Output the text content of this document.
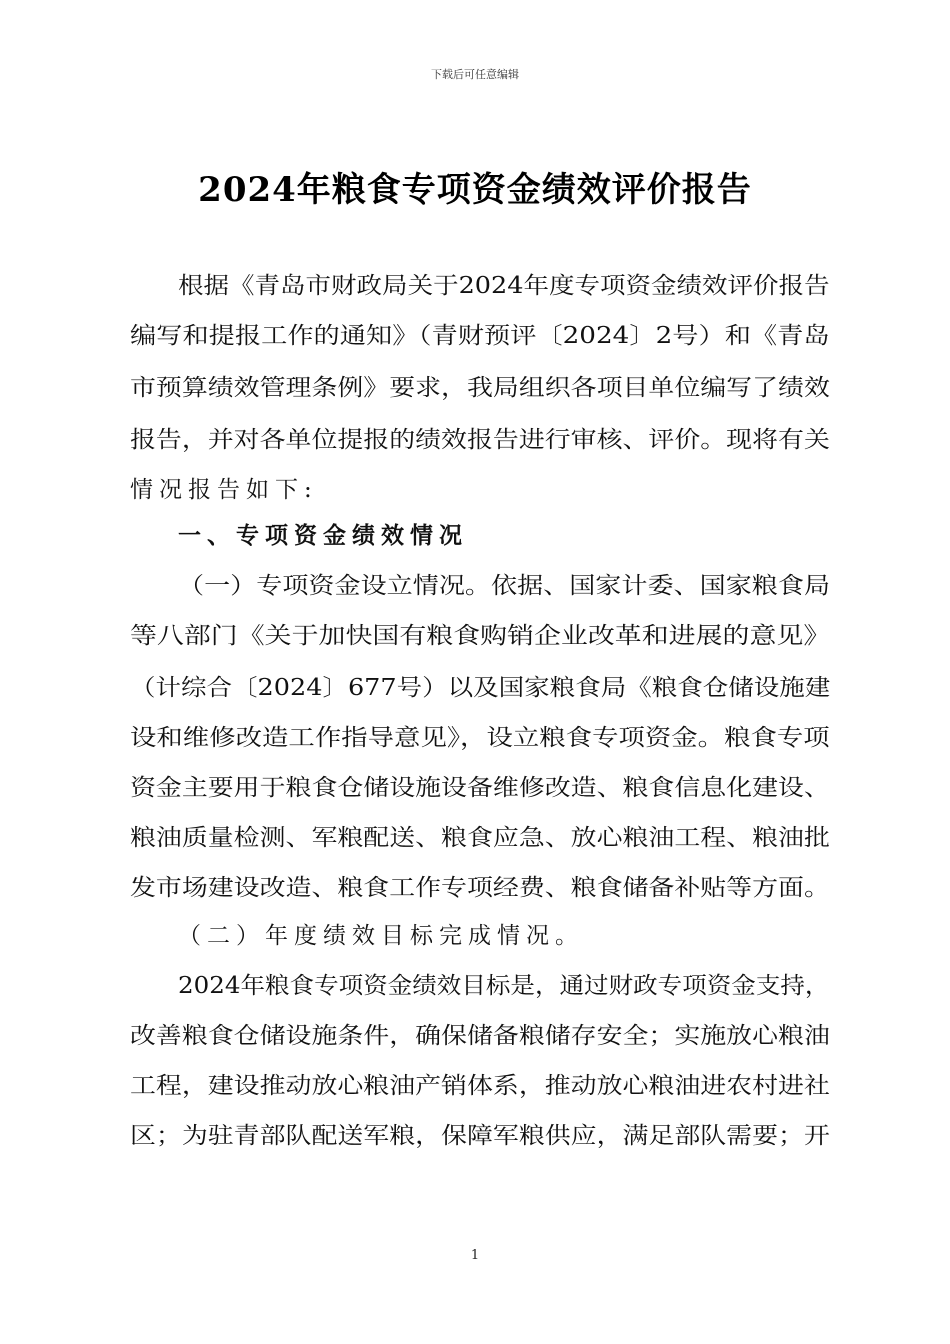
下载后可任意编辑
2024年粮食专项资金绩效评价报告
根据《青岛市财政局关于2024年度专项资金绩效评价报告
编写和提报工作的通知》（青财预评〔2024〕2号）和《青岛
市预算绩效管理条例》要求，我局组织各项目单位编写了绩效
报告，并对各单位提报的绩效报告进行审核、评价。现将有关
情况报告如下:
一、专项资金绩效情况
（一）专项资金设立情况。依据、国家计委、国家粮食局
等八部门《关于加快国有粮食购销企业改革和进展的意见》
（计综合〔2024〕677号）以及国家粮食局《粮食仓储设施建
设和维修改造工作指导意见》，设立粮食专项资金。粮食专项
资金主要用于粮食仓储设施设备维修改造、粮食信息化建设、
粮油质量检测、军粮配送、粮食应急、放心粮油工程、粮油批
发市场建设改造、粮食工作专项经费、粮食储备补贴等方面。
（二）年度绩效目标完成情况。
2024年粮食专项资金绩效目标是，通过财政专项资金支持，
改善粮食仓储设施条件，确保储备粮储存安全；实施放心粮油
工程，建设推动放心粮油产销体系，推动放心粮油进农村进社
区；为驻青部队配送军粮，保障军粮供应，满足部队需要；开
1
